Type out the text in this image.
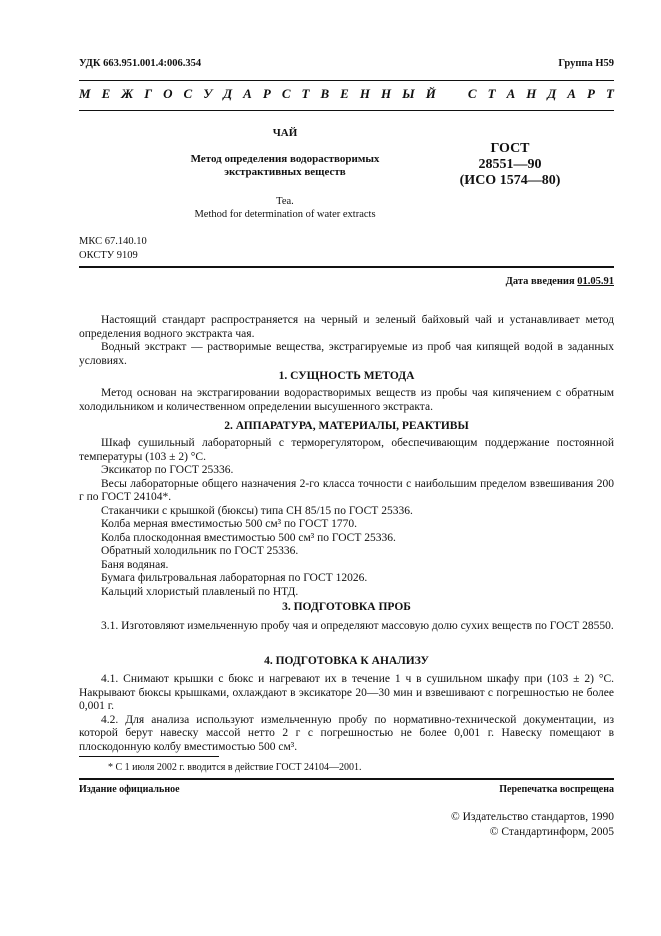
УДК 663.951.001.4:006.354	Группа Н59
М Е Ж Г О С У Д А Р С Т В Е Н Н Ы Й С Т А Н Д А Р Т
ЧАЙ
Метод определения водорастворимых
экстрактивных веществ
Tea.
Method for determination of water extracts
ГОСТ
28551—90
(ИСО 1574—80)
МКС 67.140.10
ОКСТУ 9109
Дата введения 01.05.91

Настоящий стандарт распространяется на черный и зеленый байховый чай и устанавливает метод определения водного экстракта чая.

Водный экстракт — растворимые вещества, экстрагируемые из проб чая кипящей водой в заданных условиях.

1. СУЩНОСТЬ МЕТОДА

Метод основан на экстрагировании водорастворимых веществ из пробы чая кипячением с обратным холодильником и количественном определении высушенного экстракта.

2. АППАРАТУРА, МАТЕРИАЛЫ, РЕАКТИВЫ

Шкаф сушильный лабораторный с терморегулятором, обеспечивающим поддержание постоянной температуры (103 ± 2) °С.

Эксикатор по ГОСТ 25336.

Весы лабораторные общего назначения 2-го класса точности с наибольшим пределом взвешивания 200 г по ГОСТ 24104*.

Стаканчики с крышкой (бюксы) типа СН 85/15 по ГОСТ 25336.

Колба мерная вместимостью 500 см³ по ГОСТ 1770.

Колба плоскодонная вместимостью 500 см³ по ГОСТ 25336.

Обратный холодильник по ГОСТ 25336.

Баня водяная.

Бумага фильтровальная лабораторная по ГОСТ 12026.

Кальций хлористый плавленый по НТД.

3. ПОДГОТОВКА ПРОБ

3.1. Изготовляют измельченную пробу чая и определяют массовую долю сухих веществ по ГОСТ 28550.

4. ПОДГОТОВКА К АНАЛИЗУ

4.1. Снимают крышки с бюкс и нагревают их в течение 1 ч в сушильном шкафу при (103 ± 2) °С. Накрывают бюксы крышками, охлаждают в эксикаторе 20—30 мин и взвешивают с погрешностью не более 0,001 г.

4.2. Для анализа используют измельченную пробу по нормативно-технической документации, из которой берут навеску массой нетто 2 г с погрешностью не более 0,001 г. Навеску помещают в плоскодонную колбу вместимостью 500 см³.

* С 1 июля 2002 г. вводится в действие ГОСТ 24104—2001.
Издание официальное	Перепечатка воспрещена
© Издательство стандартов, 1990
© Стандартинформ, 2005
